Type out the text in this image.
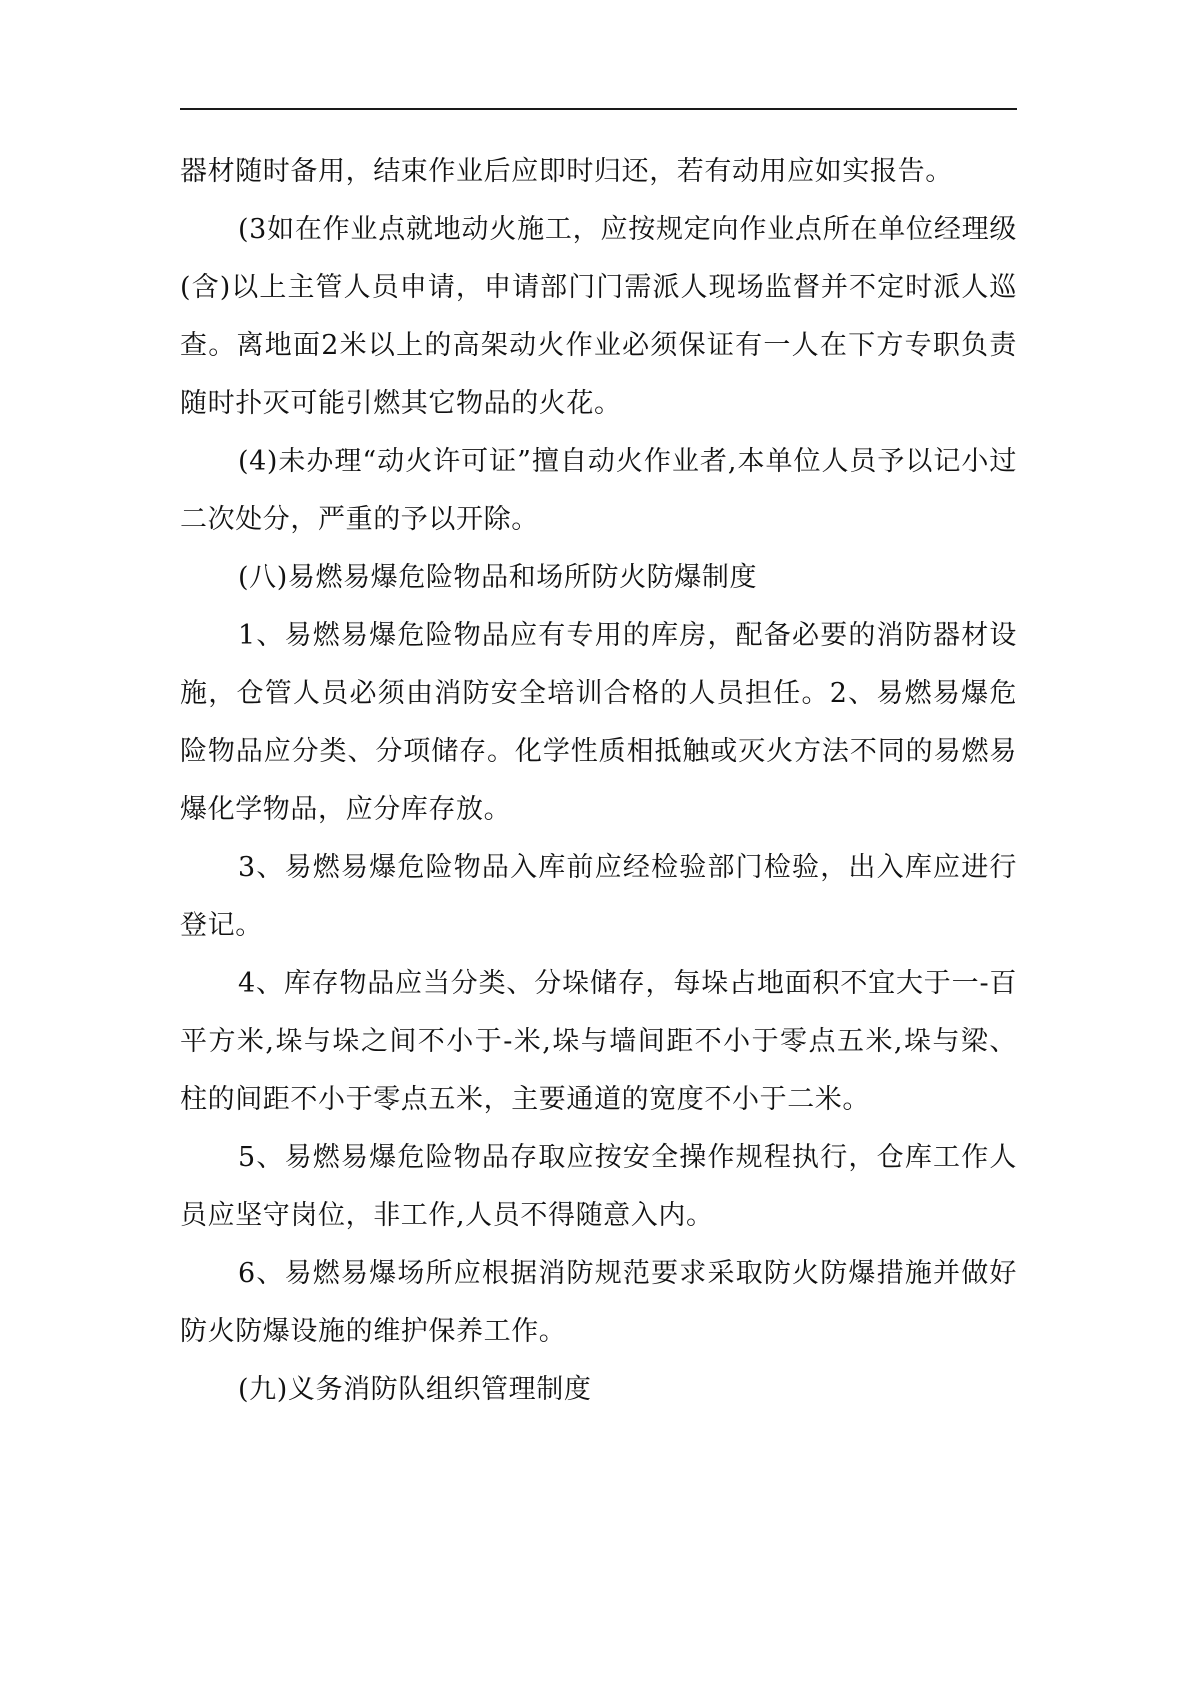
器材随时备用，结束作业后应即时归还，若有动用应如实报告。

(3如在作业点就地动火施工，应按规定向作业点所在单位经理级(含)以上主管人员申请，申请部门门需派人现场监督并不定时派人巡查。离地面2米以上的高架动火作业必须保证有一人在下方专职负责随时扑灭可能引燃其它物品的火花。

(4)未办理“动火许可证”擅自动火作业者,本单位人员予以记小过二次处分，严重的予以开除。

(八)易燃易爆危险物品和场所防火防爆制度

1、易燃易爆危险物品应有专用的库房，配备必要的消防器材设施，仓管人员必须由消防安全培训合格的人员担任。2、易燃易爆危险物品应分类、分项储存。化学性质相抵触或灭火方法不同的易燃易爆化学物品，应分库存放。

3、易燃易爆危险物品入库前应经检验部门检验，出入库应进行登记。

4、库存物品应当分类、分垛储存，每垛占地面积不宜大于一-百平方米,垛与垛之间不小于-米,垛与墙间距不小于零点五米,垛与梁、柱的间距不小于零点五米，主要通道的宽度不小于二米。

5、易燃易爆危险物品存取应按安全操作规程执行，仓库工作人员应坚守岗位，非工作,人员不得随意入内。

6、易燃易爆场所应根据消防规范要求采取防火防爆措施并做好防火防爆设施的维护保养工作。

(九)义务消防队组织管理制度
